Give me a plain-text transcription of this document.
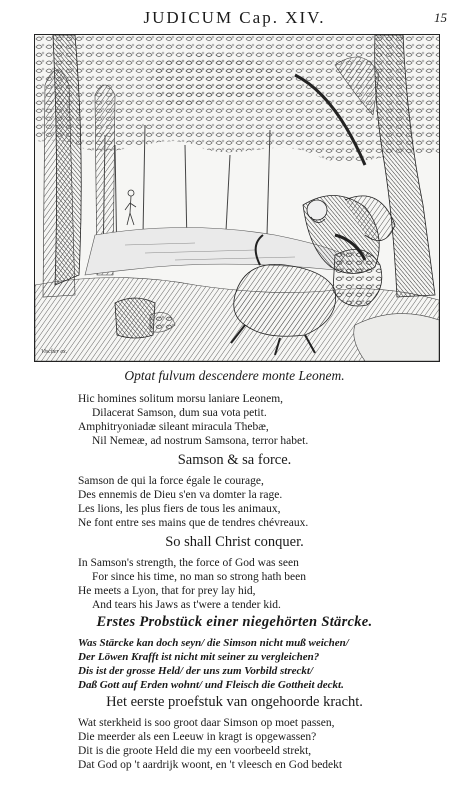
JUDICUM Cap. XIV.	15
Vischer ex.
Optat fulvum descendere monte Leonem.
Hic homines solitum morsu laniare Leonem,
Dilacerat Samson, dum sua vota petit.
Amphitryoniadæ sileant miracula Thebæ,
Nil Nemeæ, ad nostrum Samsona, terror habet.
Samson & sa force.
Samson de qui la force égale le courage,
Des ennemis de Dieu s'en va domter la rage.
Les lions, les plus fiers de tous les animaux,
Ne font entre ses mains que de tendres chévreaux.
So shall Christ conquer.
In Samson's strength, the force of God was seen
For since his time, no man so strong hath been
He meets a Lyon, that for prey lay hid,
And tears his Jaws as t'were a tender kid.
Erstes Probstück einer niegehörten Stärcke.
Was Stärcke kan doch seyn/ die Simson nicht muß weichen/
Der Löwen Krafft ist nicht mit seiner zu vergleichen?
Dis ist der grosse Held/ der uns zum Vorbild streckt/
Daß Gott auf Erden wohnt/ und Fleisch die Gottheit deckt.
Het eerste proefstuk van ongehoorde kracht.
Wat sterkheid is soo groot daar Simson op moet passen,
Die meerder als een Leeuw in kragt is opgewassen?
Dit is die groote Held die my een voorbeeld strekt,
Dat God op 't aardrijk woont, en 't vleesch en God bedekt
